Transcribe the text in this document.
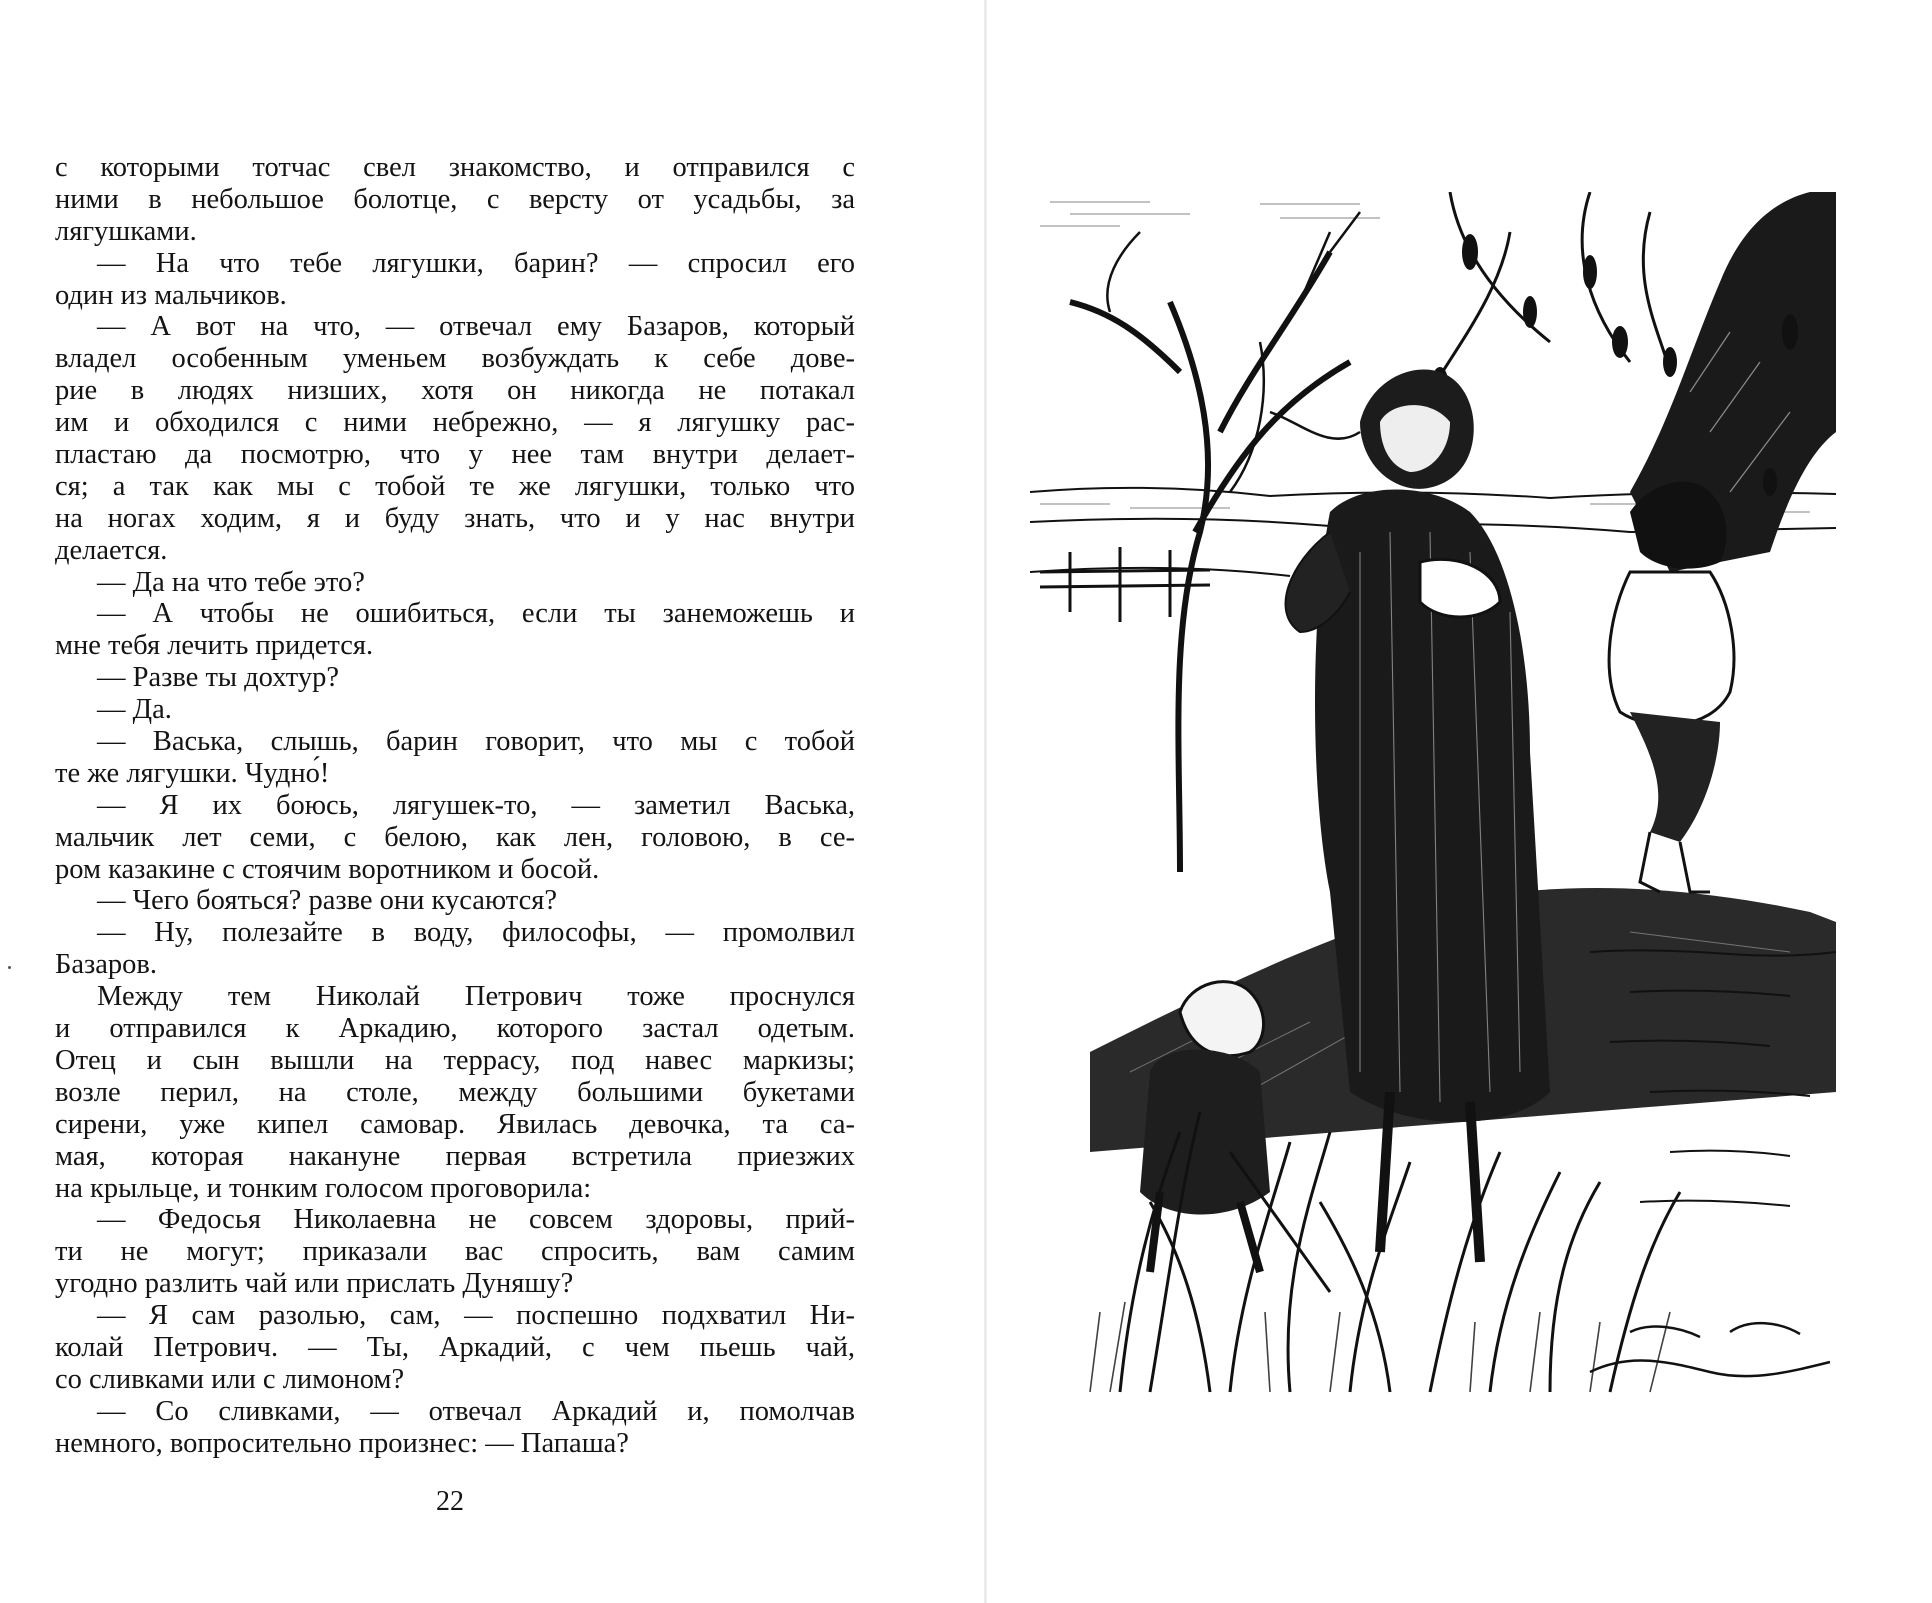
с которыми тотчас свел знакомство, и отправился с
ними в небольшое болотце, с версту от усадьбы, за
лягушками.
— На что тебе лягушки, барин? — спросил его
один из мальчиков.
— А вот на что, — отвечал ему Базаров, который
владел особенным уменьем возбуждать к себе дове-
рие в людях низших, хотя он никогда не потакал
им и обходился с ними небрежно, — я лягушку рас-
пластаю да посмотрю, что у нее там внутри делает-
ся; а так как мы с тобой те же лягушки, только что
на ногах ходим, я и буду знать, что и у нас внутри
делается.
— Да на что тебе это?
— А чтобы не ошибиться, если ты занеможешь и
мне тебя лечить придется.
— Разве ты дохтур?
— Да.
— Васька, слышь, барин говорит, что мы с тобой
те же лягушки. Чудно́!
— Я их боюсь, лягушек-то, — заметил Васька,
мальчик лет семи, с белою, как лен, головою, в се-
ром казакине с стоячим воротником и босой.
— Чего бояться? разве они кусаются?
— Ну, полезайте в воду, философы, — промолвил
Базаров.
Между тем Николай Петрович тоже проснулся
и отправился к Аркадию, которого застал одетым.
Отец и сын вышли на террасу, под навес маркизы;
возле перил, на столе, между большими букетами
сирени, уже кипел самовар. Явилась девочка, та са-
мая, которая накануне первая встретила приезжих
на крыльце, и тонким голосом проговорила:
— Федосья Николаевна не совсем здоровы, прий-
ти не могут; приказали вас спросить, вам самим
угодно разлить чай или прислать Дуняшу?
— Я сам разолью, сам, — поспешно подхватил Ни-
колай Петрович. — Ты, Аркадий, с чем пьешь чай,
со сливками или с лимоном?
— Со сливками, — отвечал Аркадий и, помолчав
немного, вопросительно произнес: — Папаша?
22
